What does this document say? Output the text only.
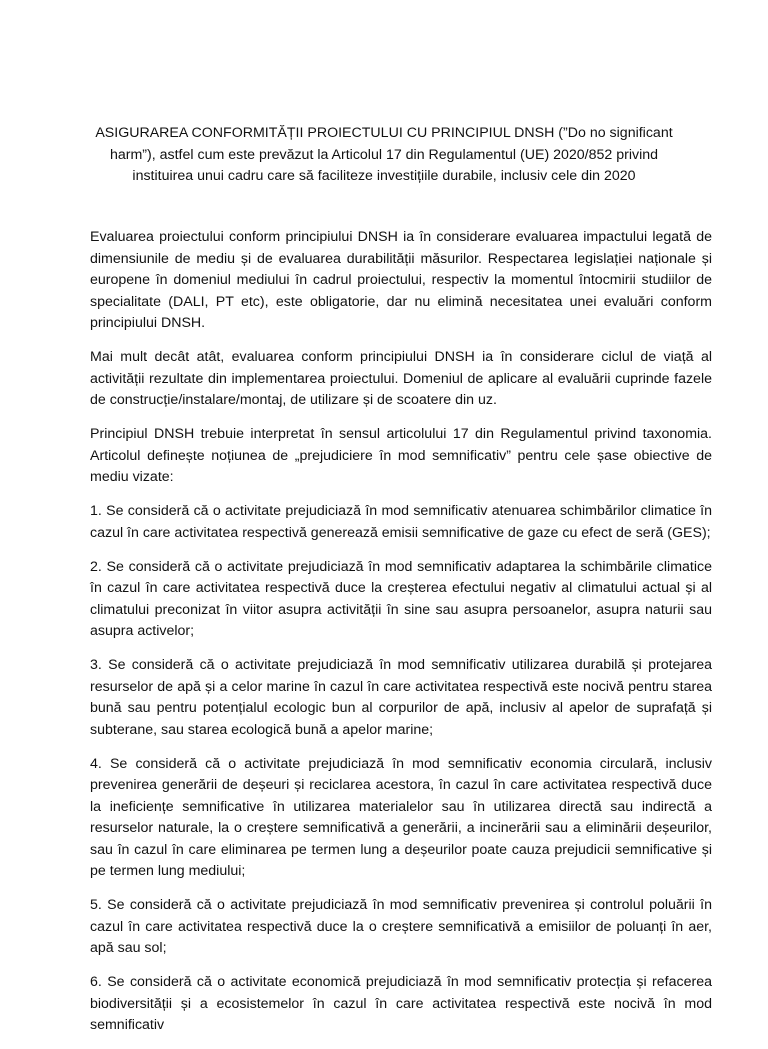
ASIGURAREA CONFORMITĂȚII PROIECTULUI CU PRINCIPIUL DNSH (”Do no significant harm”), astfel cum este prevăzut la Articolul 17 din Regulamentul (UE) 2020/852 privind instituirea unui cadru care să faciliteze investițiile durabile, inclusiv cele din 2020

Evaluarea proiectului conform principiului DNSH ia în considerare evaluarea impactului legată de dimensiunile de mediu și de evaluarea durabilității măsurilor. Respectarea legislației naționale și europene în domeniul mediului în cadrul proiectului, respectiv la momentul întocmirii studiilor de specialitate (DALI, PT etc), este obligatorie, dar nu elimină necesitatea unei evaluări conform principiului DNSH.

Mai mult decât atât, evaluarea conform principiului DNSH ia în considerare ciclul de viață al activității rezultate din implementarea proiectului. Domeniul de aplicare al evaluării cuprinde fazele de construcție/instalare/montaj, de utilizare și de scoatere din uz.

Principiul DNSH trebuie interpretat în sensul articolului 17 din Regulamentul privind taxonomia. Articolul definește noțiunea de „prejudiciere în mod semnificativ” pentru cele șase obiective de mediu vizate:

1. Se consideră că o activitate prejudiciază în mod semnificativ atenuarea schimbărilor climatice în cazul în care activitatea respectivă generează emisii semnificative de gaze cu efect de seră (GES);

2. Se consideră că o activitate prejudiciază în mod semnificativ adaptarea la schimbările climatice în cazul în care activitatea respectivă duce la creșterea efectului negativ al climatului actual și al climatului preconizat în viitor asupra activității în sine sau asupra persoanelor, asupra naturii sau asupra activelor;

3. Se consideră că o activitate prejudiciază în mod semnificativ utilizarea durabilă și protejarea resurselor de apă și a celor marine în cazul în care activitatea respectivă este nocivă pentru starea bună sau pentru potențialul ecologic bun al corpurilor de apă, inclusiv al apelor de suprafață și subterane, sau starea ecologică bună a apelor marine;

4. Se consideră că o activitate prejudiciază în mod semnificativ economia circulară, inclusiv prevenirea generării de deșeuri și reciclarea acestora, în cazul în care activitatea respectivă duce la ineficiențe semnificative în utilizarea materialelor sau în utilizarea directă sau indirectă a resurselor naturale, la o creștere semnificativă a generării, a incinerării sau a eliminării deșeurilor, sau în cazul în care eliminarea pe termen lung a deșeurilor poate cauza prejudicii semnificative și pe termen lung mediului;

5. Se consideră că o activitate prejudiciază în mod semnificativ prevenirea și controlul poluării în cazul în care activitatea respectivă duce la o creștere semnificativă a emisiilor de poluanți în aer, apă sau sol;

6. Se consideră că o activitate economică prejudiciază în mod semnificativ protecția și refacerea biodiversității și a ecosistemelor în cazul în care activitatea respectivă este nocivă în mod semnificativ
